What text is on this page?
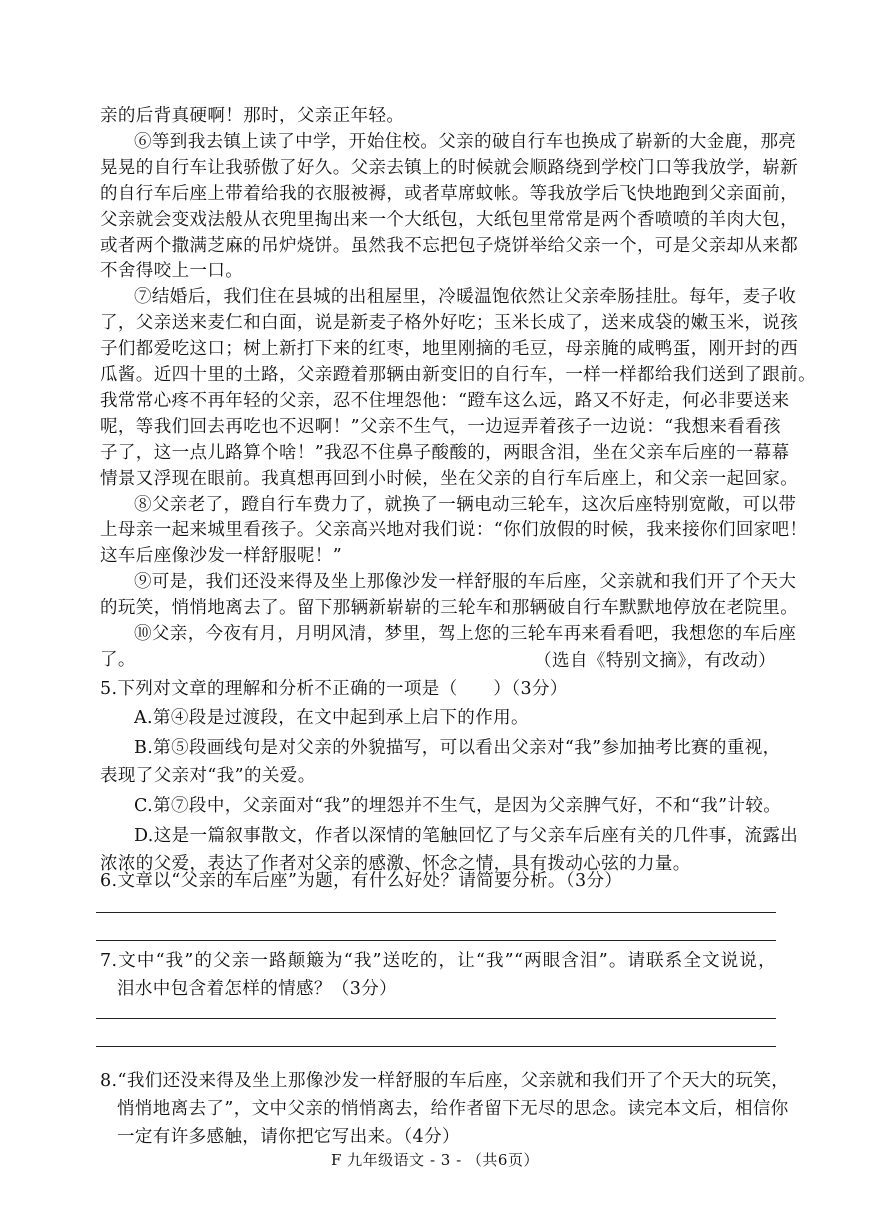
亲的后背真硬啊！那时，父亲正年轻。
⑥等到我去镇上读了中学，开始住校。父亲的破自行车也换成了崭新的大金鹿，那亮
晃晃的自行车让我骄傲了好久。父亲去镇上的时候就会顺路绕到学校门口等我放学，崭新
的自行车后座上带着给我的衣服被褥，或者草席蚊帐。等我放学后飞快地跑到父亲面前，
父亲就会变戏法般从衣兜里掏出来一个大纸包，大纸包里常常是两个香喷喷的羊肉大包，
或者两个撒满芝麻的吊炉烧饼。虽然我不忘把包子烧饼举给父亲一个，可是父亲却从来都
不舍得咬上一口。
⑦结婚后，我们住在县城的出租屋里，冷暖温饱依然让父亲牵肠挂肚。每年，麦子收
了，父亲送来麦仁和白面，说是新麦子格外好吃；玉米长成了，送来成袋的嫩玉米，说孩
子们都爱吃这口；树上新打下来的红枣，地里刚摘的毛豆，母亲腌的咸鸭蛋，刚开封的西
瓜酱。近四十里的土路，父亲蹬着那辆由新变旧的自行车，一样一样都给我们送到了跟前。
我常常心疼不再年轻的父亲，忍不住埋怨他：“蹬车这么远，路又不好走，何必非要送来
呢，等我们回去再吃也不迟啊！”父亲不生气，一边逗弄着孩子一边说：“我想来看看孩
子了，这一点儿路算个啥！”我忍不住鼻子酸酸的，两眼含泪，坐在父亲车后座的一幕幕
情景又浮现在眼前。我真想再回到小时候，坐在父亲的自行车后座上，和父亲一起回家。
⑧父亲老了，蹬自行车费力了，就换了一辆电动三轮车，这次后座特别宽敞，可以带
上母亲一起来城里看孩子。父亲高兴地对我们说：“你们放假的时候，我来接你们回家吧！
这车后座像沙发一样舒服呢！”
⑨可是，我们还没来得及坐上那像沙发一样舒服的车后座，父亲就和我们开了个天大
的玩笑，悄悄地离去了。留下那辆新崭崭的三轮车和那辆破自行车默默地停放在老院里。
⑩父亲，今夜有月，月明风清，梦里，驾上您的三轮车再来看看吧，我想您的车后座
了。	（选自《特别文摘》，有改动）
5.下列对文章的理解和分析不正确的一项是（　　）（3分）
A.第④段是过渡段，在文中起到承上启下的作用。
B.第⑤段画线句是对父亲的外貌描写，可以看出父亲对“我”参加抽考比赛的重视，
表现了父亲对“我”的关爱。
C.第⑦段中，父亲面对“我”的埋怨并不生气，是因为父亲脾气好，不和“我”计较。
D.这是一篇叙事散文，作者以深情的笔触回忆了与父亲车后座有关的几件事，流露出
浓浓的父爱，表达了作者对父亲的感激、怀念之情，具有拨动心弦的力量。
6.文章以“父亲的车后座”为题，有什么好处？请简要分析。（3分）
7.文中“我”的父亲一路颠簸为“我”送吃的，让“我”“两眼含泪”。请联系全文说说，
泪水中包含着怎样的情感？（3分）
8.“我们还没来得及坐上那像沙发一样舒服的车后座，父亲就和我们开了个天大的玩笑，
悄悄地离去了”，文中父亲的悄悄离去，给作者留下无尽的思念。读完本文后，相信你
一定有许多感触，请你把它写出来。（4分）
F 九年级语文 - 3 - （共6页）
